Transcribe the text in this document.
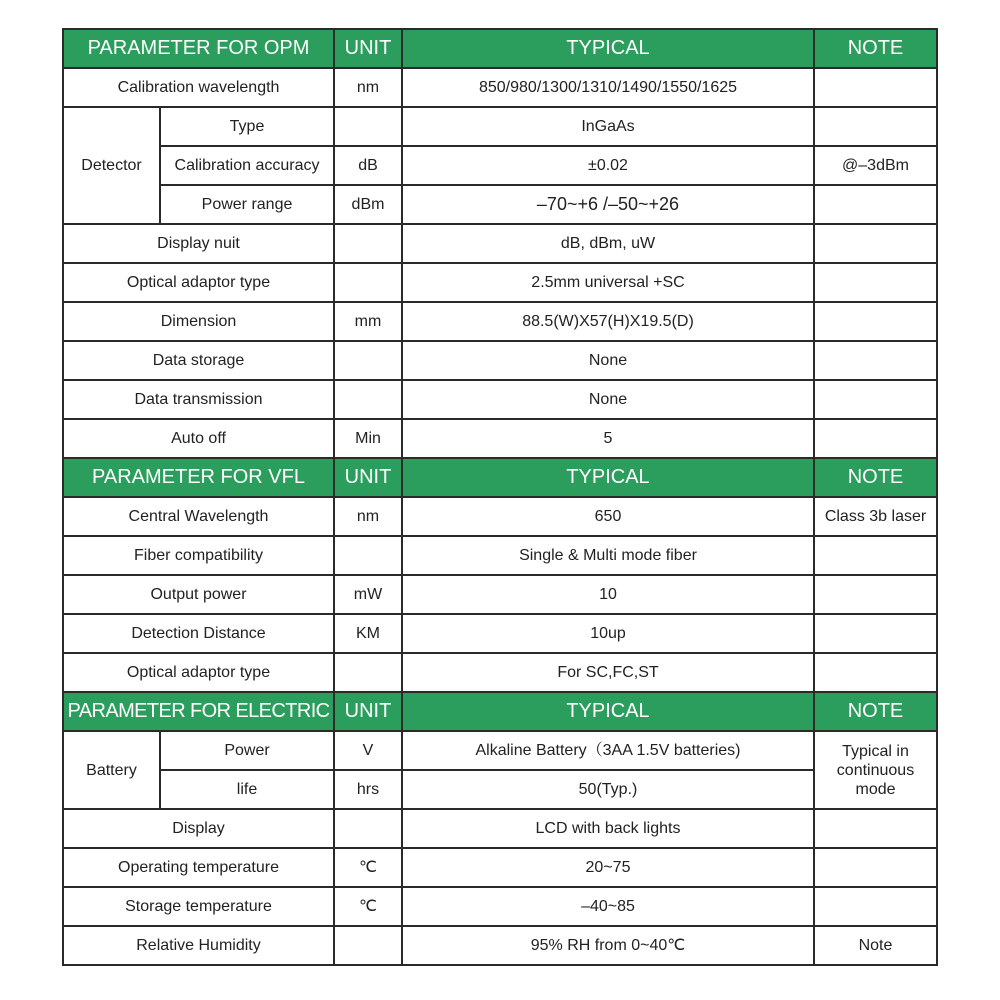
PARAMETER FOR OPM		UNIT	TYPICAL	NOTE
Calibration wavelength		nm	850/980/1300/1310/1490/1550/1625	
Detector	Type		InGaAs	
	Calibration accuracy	dB	±0.02	@–3dBm
	Power range	dBm	–70~+6 /–50~+26	
Display nuit			dB, dBm, uW	
Optical adaptor type			2.5mm universal +SC	
Dimension		mm	88.5(W)X57(H)X19.5(D)	
Data storage			None	
Data transmission			None	
Auto off		Min	5	
PARAMETER FOR VFL		UNIT	TYPICAL	NOTE
Central Wavelength		nm	650	Class 3b laser
Fiber compatibility			Single & Multi mode fiber	
Output power		mW	10	
Detection Distance		KM	10up	
Optical adaptor type			For SC,FC,ST	
PARAMETER FOR ELECTRIC		UNIT	TYPICAL	NOTE
Battery	Power	V	Alkaline Battery（3AA 1.5V batteries)	Typical in continuous mode
	life	hrs	50(Typ.)	
Display			LCD with back lights	
Operating temperature		℃	20~75	
Storage temperature		℃	–40~85	
Relative Humidity			95% RH from 0~40℃	Note
